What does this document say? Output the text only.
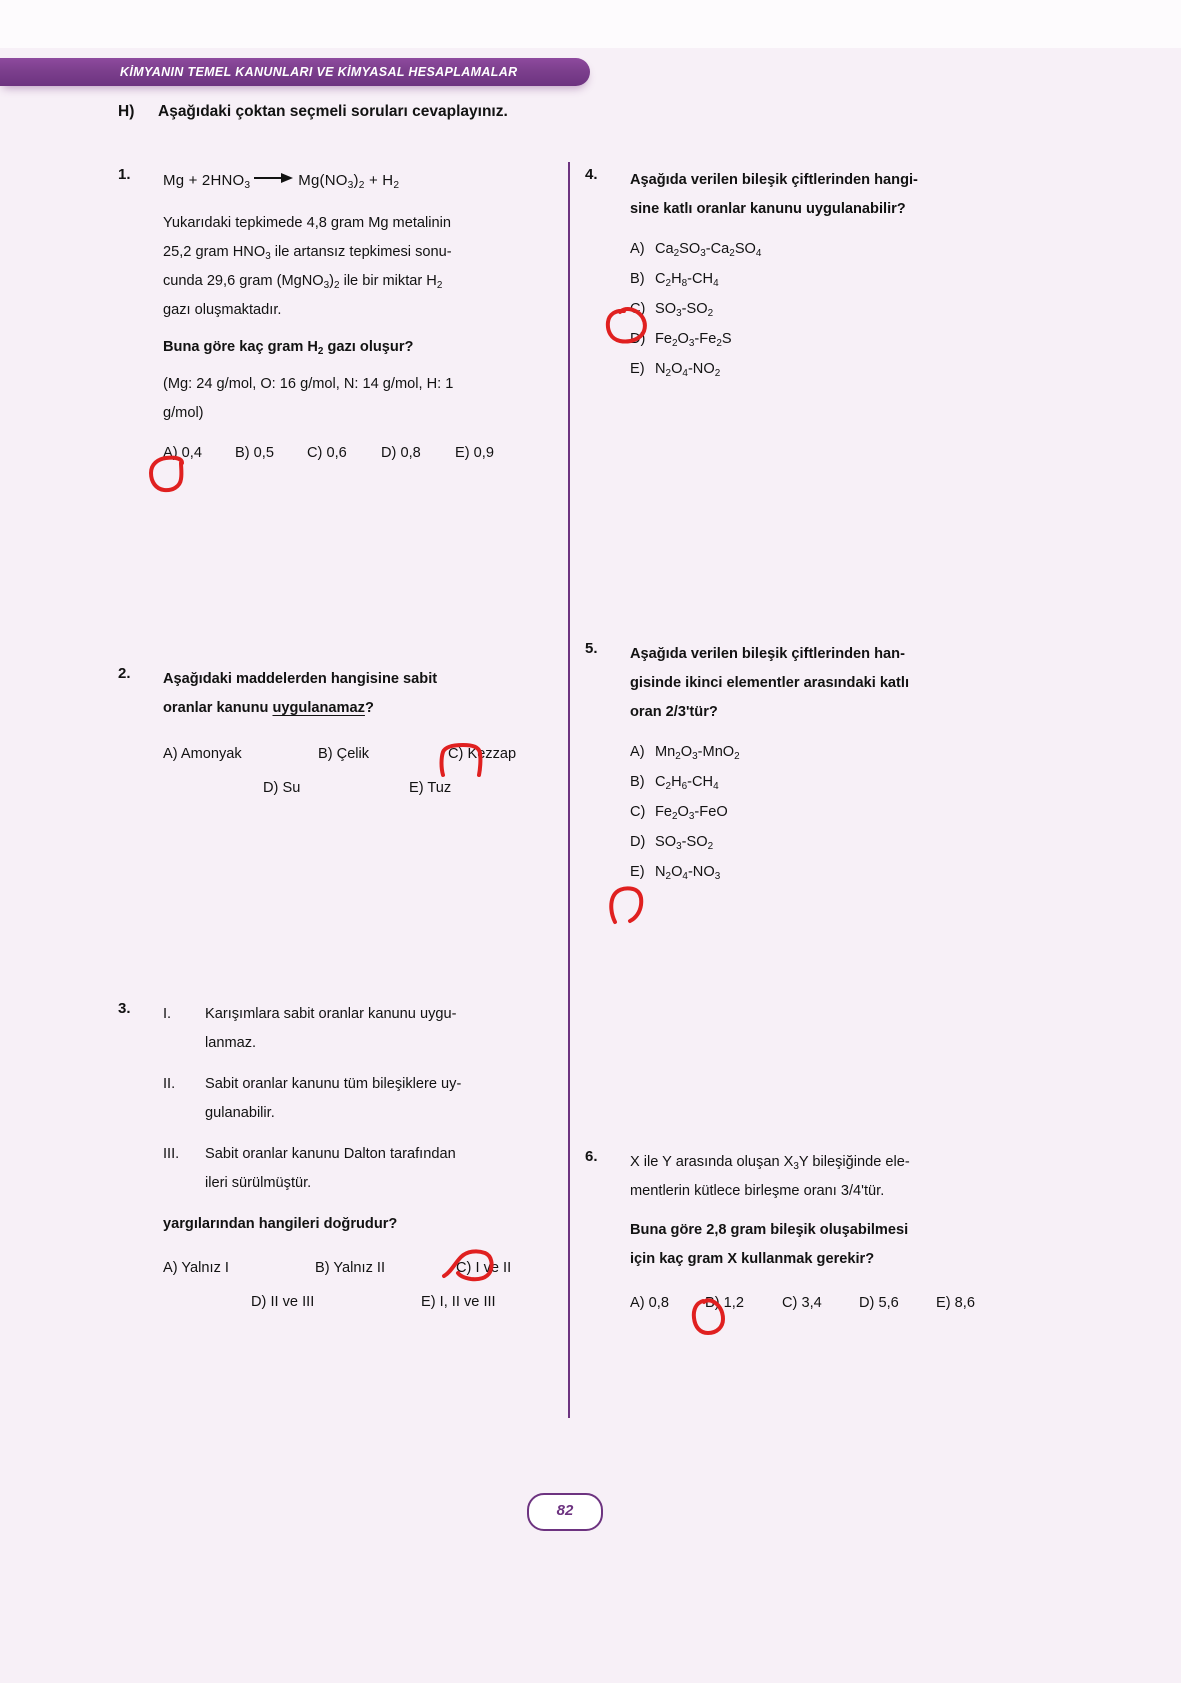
KİMYANIN TEMEL KANUNLARI VE KİMYASAL HESAPLAMALAR
H) Aşağıdaki çoktan seçmeli soruları cevaplayınız.
1.	$Mg + 2HNO_3$	$Mg(NO_3)_2 + H_2$
Yukarıdaki tepkimede 4,8 gram Mg metalinin
25,2 gram $HNO_3$ ile artansız tepkimesi sonu-
cunda 29,6 gram $(MgNO_3)_2$ ile bir miktar $H_2$
gazı oluşmaktadır.
Buna göre kaç gram $H_2$ gazı oluşur?
(Mg: 24 g/mol, O: 16 g/mol, N: 14 g/mol, H: 1
g/mol)
A) 0,4 B) 0,5 C) 0,6 D) 0,8 E) 0,9
2.	Aşağıdaki maddelerden hangisine sabit
oranlar kanunu uygulanamaz?
A) Amonyak	B) Çelik	C) Kezzap
D) Su	E) Tuz
3.	I. Karışımlara sabit oranlar kanunu uygu-
lanmaz.
II. Sabit oranlar kanunu tüm bileşiklere uy-
gulanabilir.
III. Sabit oranlar kanunu Dalton tarafından
ileri sürülmüştür.
yargılarından hangileri doğrudur?
A) Yalnız I	B) Yalnız II	C) I ve II
D) II ve III	E) I, II ve III
4.	Aşağıda verilen bileşik çiftlerinden hangi-
sine katlı oranlar kanunu uygulanabilir?
A) $Ca_2SO_3-Ca_2SO_4$
B) $C_2H_8-CH_4$
C) $SO_3-SO_2$
D) $Fe_2O_3-Fe_2S$
E) $N_2O_4-NO_2$
5.	Aşağıda verilen bileşik çiftlerinden han-
gisinde ikinci elementler arasındaki katlı
oran 2/3'tür?
A) $Mn_2O_3-MnO_2$
B) $C_2H_6-CH_4$
C) $Fe_2O_3$-FeO
D) $SO_3-SO_2$
E) $N_2O_4-NO_3$
6.	X ile Y arasında oluşan $X_3Y$ bileşiğinde ele-
mentlerin kütlece birleşme oranı 3/4'tür.
Buna göre 2,8 gram bileşik oluşabilmesi
için kaç gram X kullanmak gerekir?
A) 0,8 B) 1,2	C) 3,4	D) 5,6	E) 8,6
82
